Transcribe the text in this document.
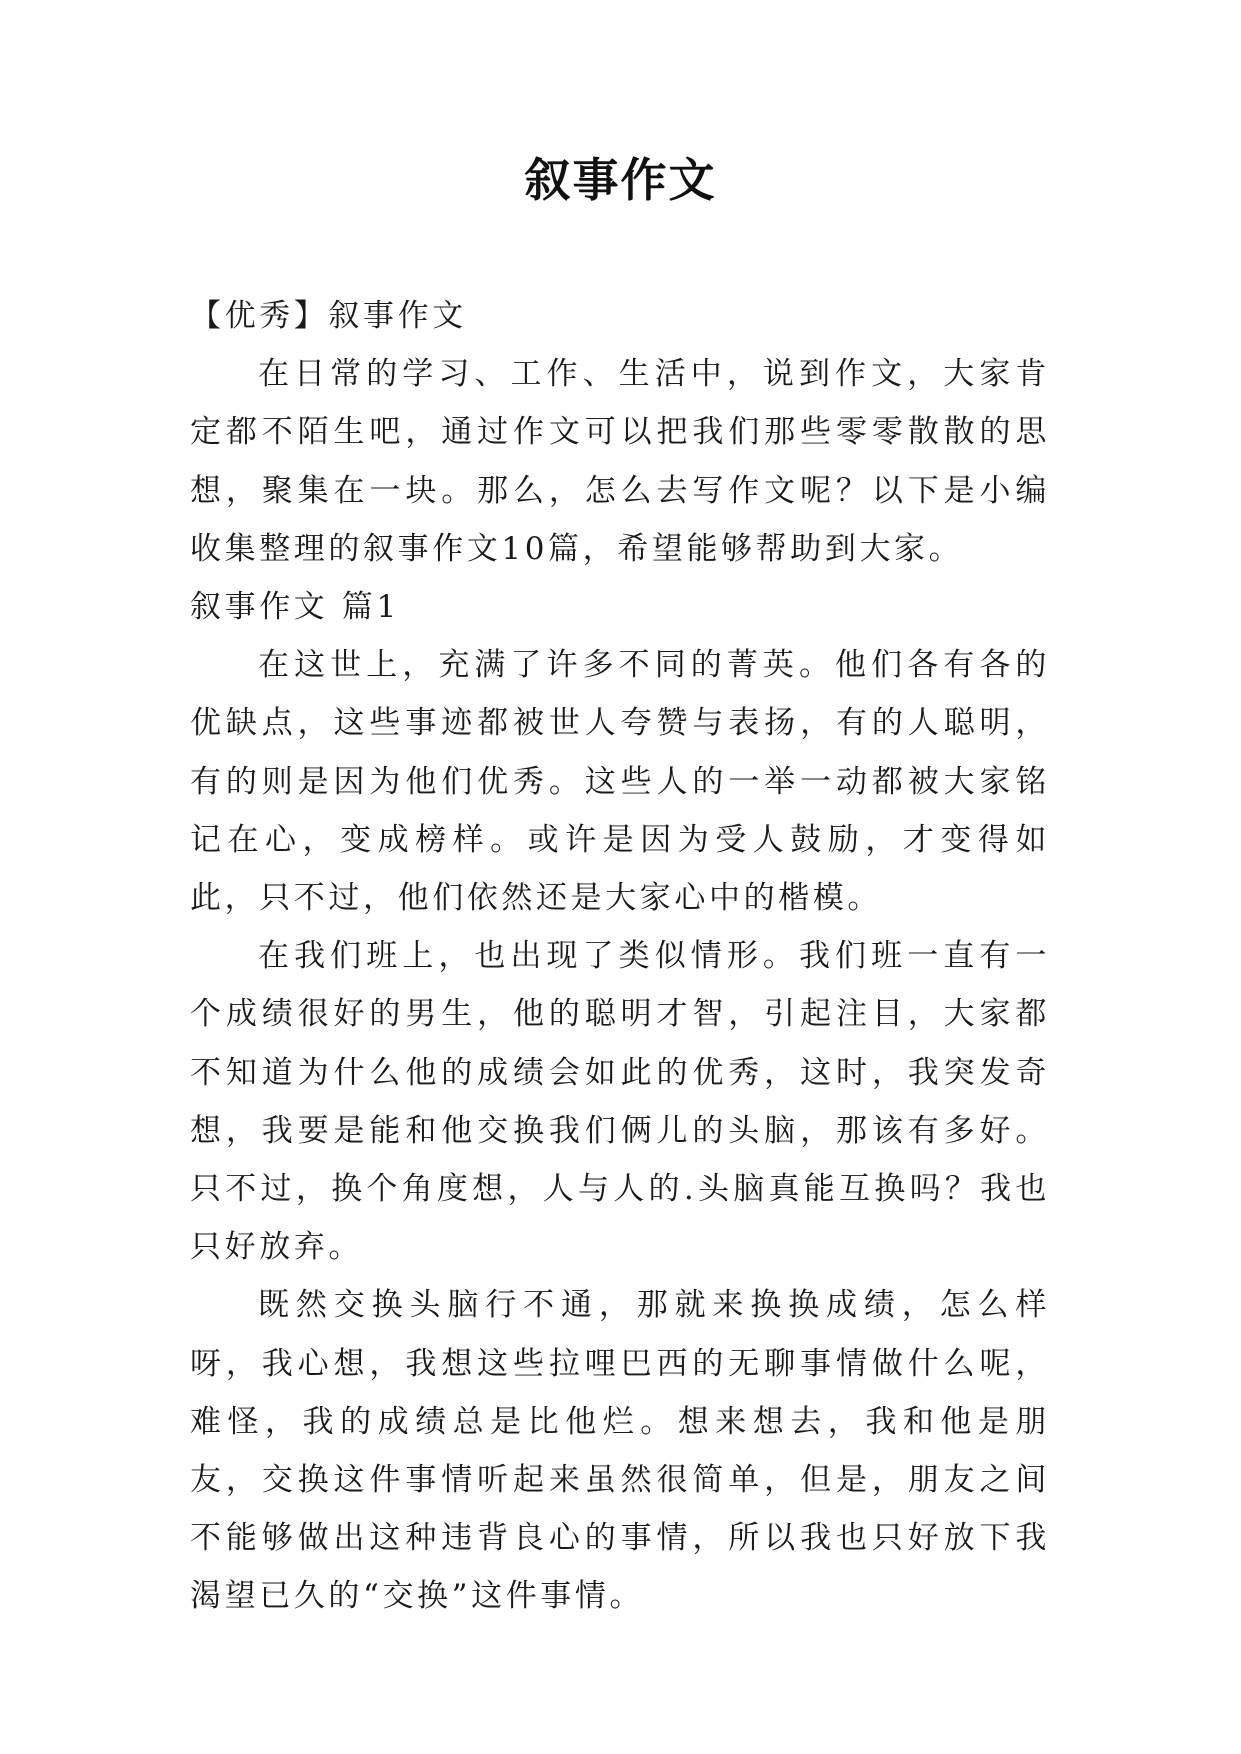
叙事作文

【优秀】叙事作文

在日常的学习、工作、生活中，说到作文，大家肯定都不陌生吧，通过作文可以把我们那些零零散散的思想，聚集在一块。那么，怎么去写作文呢？以下是小编收集整理的叙事作文10篇，希望能够帮助到大家。

叙事作文 篇1

在这世上，充满了许多不同的菁英。他们各有各的优缺点，这些事迹都被世人夸赞与表扬，有的人聪明，有的则是因为他们优秀。这些人的一举一动都被大家铭记在心，变成榜样。或许是因为受人鼓励，才变得如此，只不过，他们依然还是大家心中的楷模。

在我们班上，也出现了类似情形。我们班一直有一个成绩很好的男生，他的聪明才智，引起注目，大家都不知道为什么他的成绩会如此的优秀，这时，我突发奇想，我要是能和他交换我们俩儿的头脑，那该有多好。只不过，换个角度想，人与人的.头脑真能互换吗？我也只好放弃。

既然交换头脑行不通，那就来换换成绩，怎么样呀，我心想，我想这些拉哩巴西的无聊事情做什么呢，难怪，我的成绩总是比他烂。想来想去，我和他是朋友，交换这件事情听起来虽然很简单，但是，朋友之间不能够做出这种违背良心的事情，所以我也只好放下我渴望已久的“交换”这件事情。
